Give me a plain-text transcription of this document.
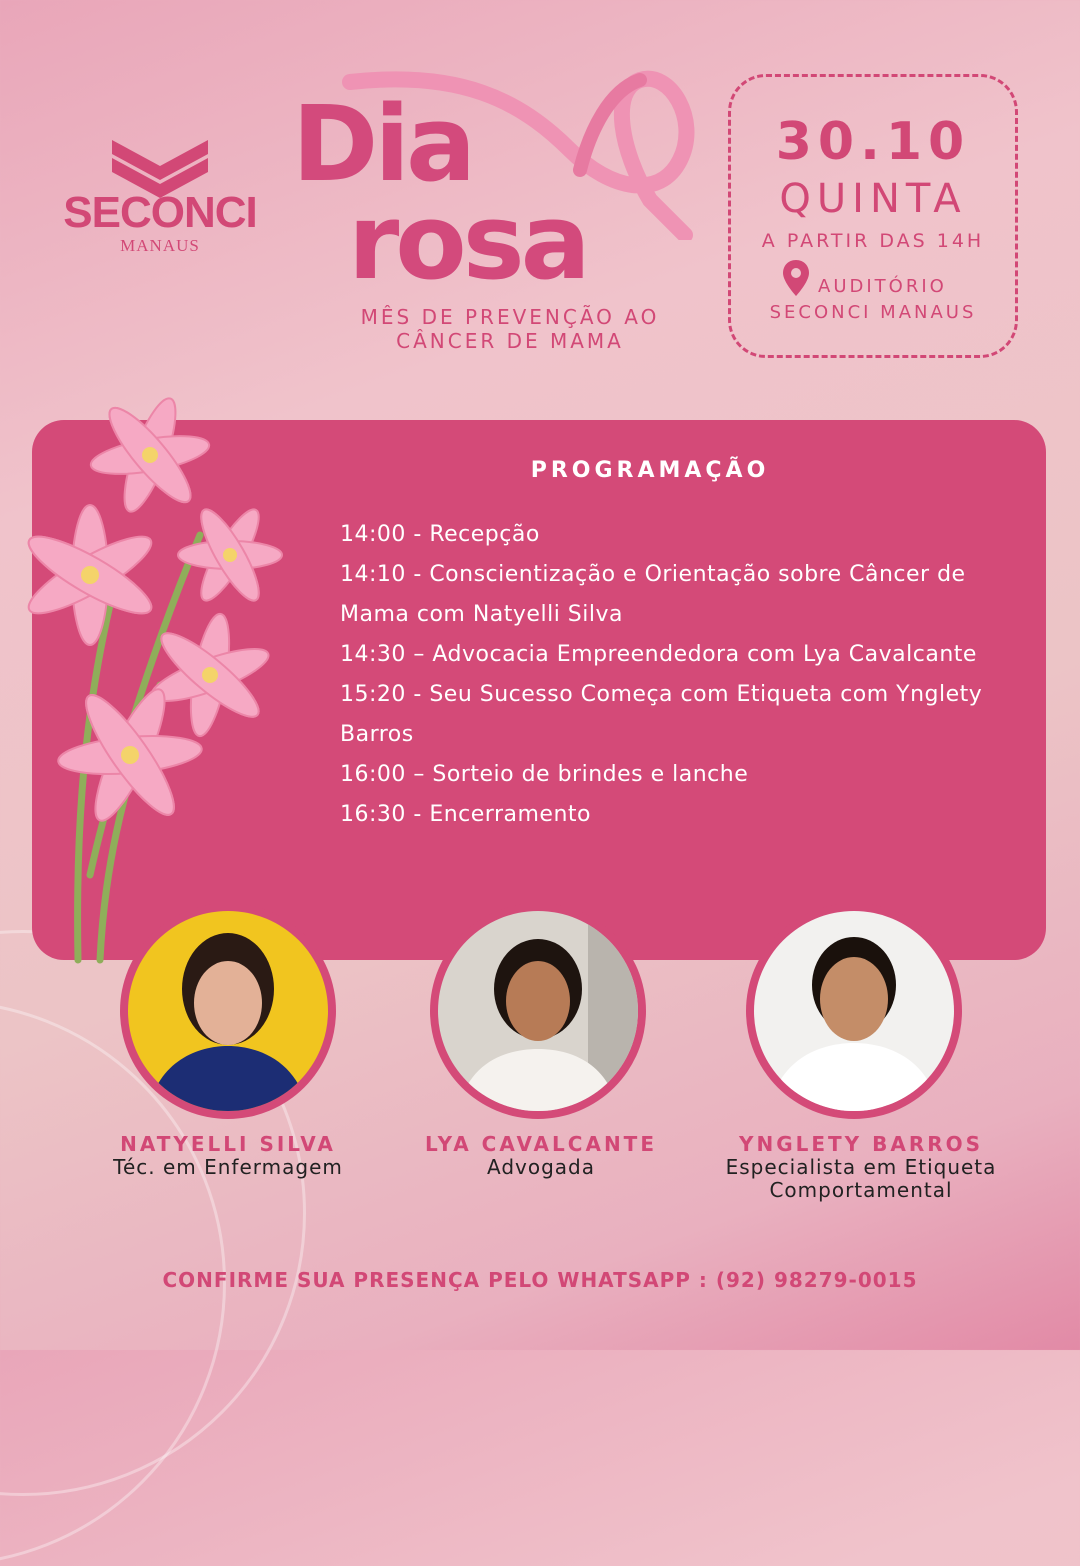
SECONCI
MANAUS
Dia
rosa
MÊS DE PREVENÇÃO AO
CÂNCER DE MAMA
30.10
QUINTA
A PARTIR DAS 14H
AUDITÓRIO
SECONCI MANAUS
PROGRAMAÇÃO
14:00 - Recepção
14:10 - Conscientização e Orientação sobre Câncer de Mama com Natyelli Silva
14:30 – Advocacia Empreendedora com Lya Cavalcante
15:20 - Seu Sucesso Começa com Etiqueta com Ynglety Barros
16:00 – Sorteio de brindes e lanche
16:30 - Encerramento
NATYELLI SILVA
Téc. em Enfermagem
LYA CAVALCANTE
Advogada
YNGLETY BARROS
Especialista em Etiqueta
Comportamental
CONFIRME SUA PRESENÇA PELO WHATSAPP : (92) 98279-0015
